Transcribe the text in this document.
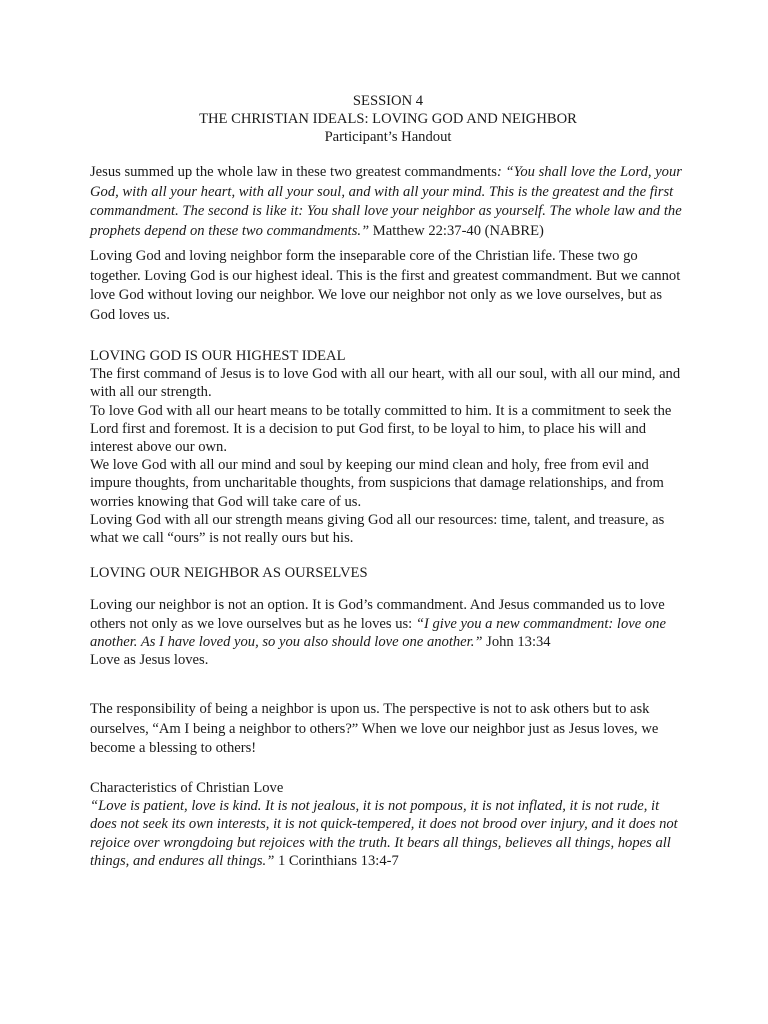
SESSION 4
THE CHRISTIAN IDEALS: LOVING GOD AND NEIGHBOR
Participant’s Handout

Jesus summed up the whole law in these two greatest commandments: “You shall love the Lord, your God, with all your heart, with all your soul, and with all your mind. This is the greatest and the first commandment. The second is like it: You shall love your neighbor as yourself. The whole law and the prophets depend on these two commandments.” Matthew 22:37-40 (NABRE)

Loving God and loving neighbor form the inseparable core of the Christian life. These two go together. Loving God is our highest ideal. This is the first and greatest commandment. But we cannot love God without loving our neighbor. We love our neighbor not only as we love ourselves, but as God loves us.

LOVING GOD IS OUR HIGHEST IDEAL

The first command of Jesus is to love God with all our heart, with all our soul, with all our mind, and with all our strength.

To love God with all our heart means to be totally committed to him. It is a commitment to seek the Lord first and foremost. It is a decision to put God first, to be loyal to him, to place his will and interest above our own.

We love God with all our mind and soul by keeping our mind clean and holy, free from evil and impure thoughts, from uncharitable thoughts, from suspicions that damage relationships, and from worries knowing that God will take care of us.

Loving God with all our strength means giving God all our resources: time, talent, and treasure, as what we call “ours” is not really ours but his.

LOVING OUR NEIGHBOR AS OURSELVES

Loving our neighbor is not an option. It is God’s commandment. And Jesus commanded us to love others not only as we love ourselves but as he loves us: “I give you a new commandment: love one another. As I have loved you, so you also should love one another.” John 13:34

Love as Jesus loves.

The responsibility of being a neighbor is upon us. The perspective is not to ask others but to ask ourselves, “Am I being a neighbor to others?” When we love our neighbor just as Jesus loves, we become a blessing to others!

Characteristics of Christian Love

“Love is patient, love is kind. It is not jealous, it is not pompous, it is not inflated, it is not rude, it does not seek its own interests, it is not quick-tempered, it does not brood over injury, and it does not rejoice over wrongdoing but rejoices with the truth. It bears all things, believes all things, hopes all things, and endures all things.” 1 Corinthians 13:4-7
